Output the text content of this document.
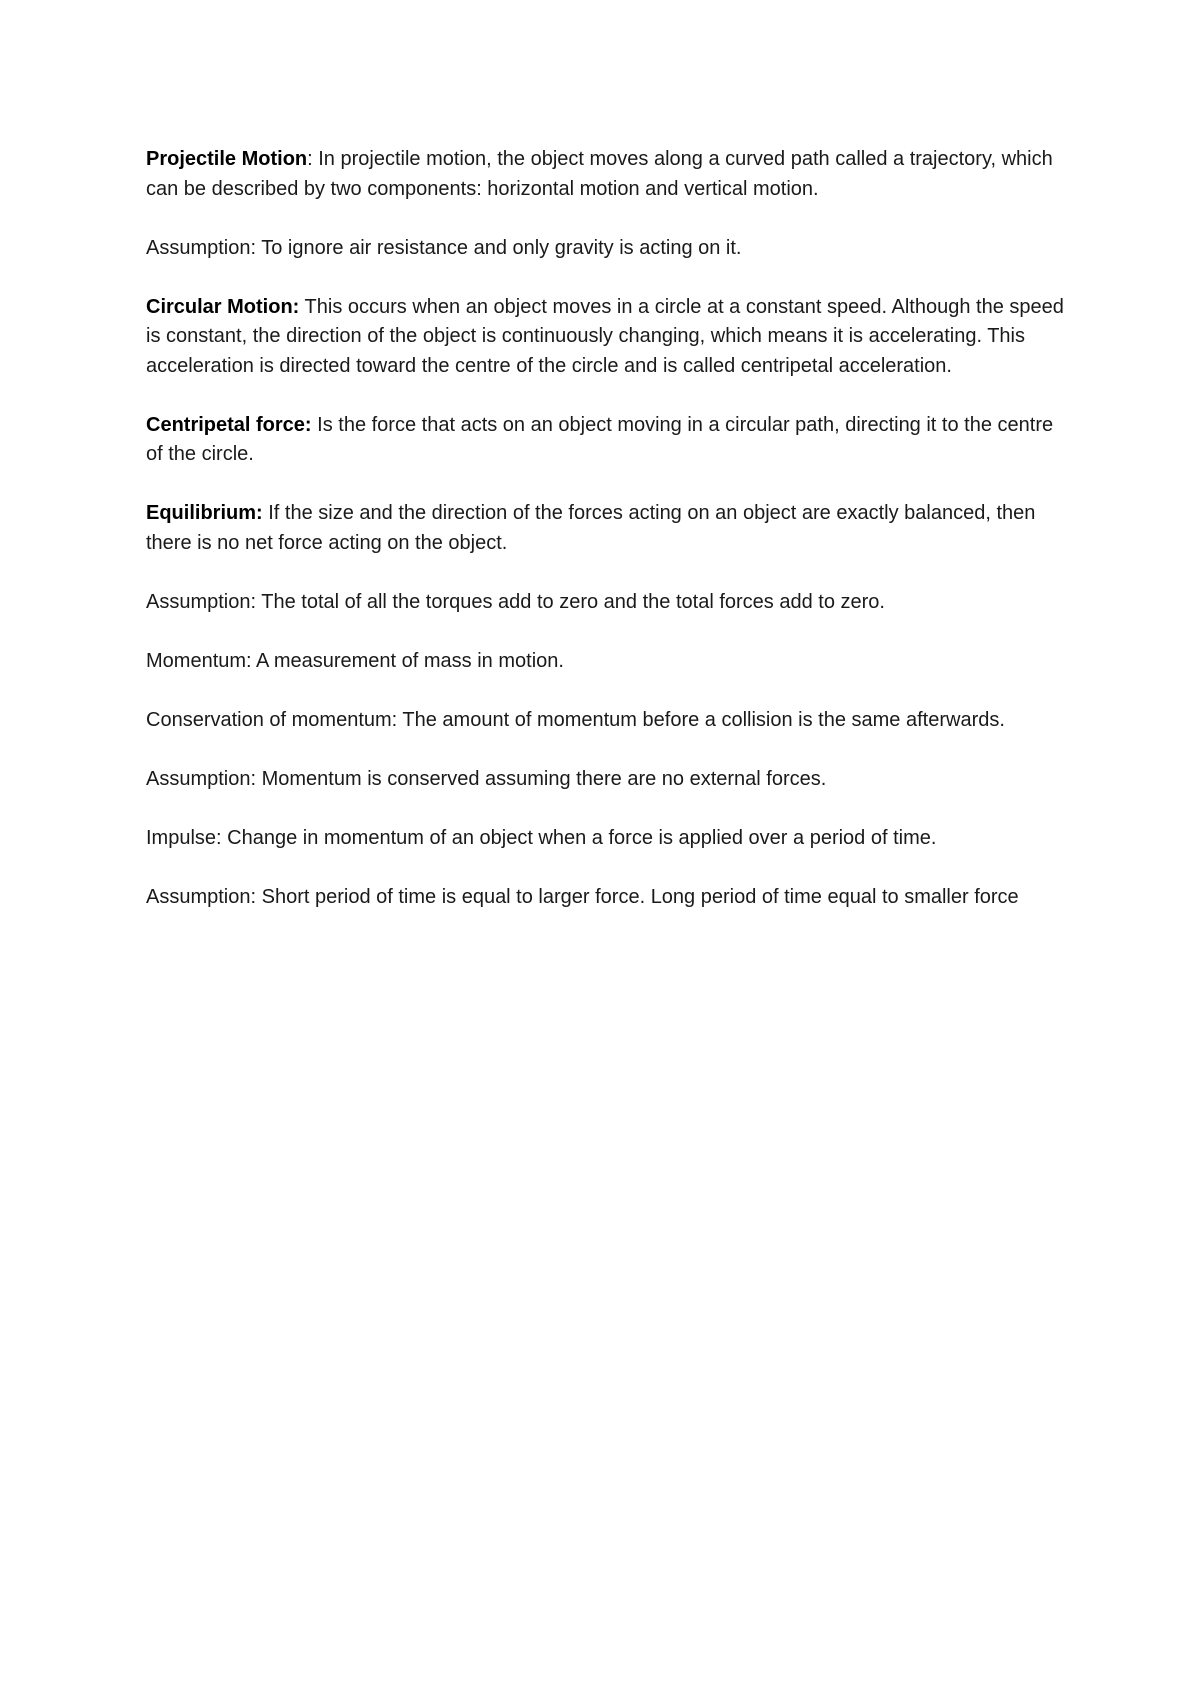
Projectile Motion: In projectile motion, the object moves along a curved path called a trajectory, which can be described by two components: horizontal motion and vertical motion.

Assumption: To ignore air resistance and only gravity is acting on it.

Circular Motion: This occurs when an object moves in a circle at a constant speed. Although the speed is constant, the direction of the object is continuously changing, which means it is accelerating. This acceleration is directed toward the centre of the circle and is called centripetal acceleration.

Centripetal force: Is the force that acts on an object moving in a circular path, directing it to the centre of the circle.

Equilibrium: If the size and the direction of the forces acting on an object are exactly balanced, then there is no net force acting on the object.

Assumption: The total of all the torques add to zero and the total forces add to zero.

Momentum: A measurement of mass in motion.

Conservation of momentum: The amount of momentum before a collision is the same afterwards.

Assumption: Momentum is conserved assuming there are no external forces.

Impulse: Change in momentum of an object when a force is applied over a period of time.

Assumption: Short period of time is equal to larger force. Long period of time equal to smaller force
